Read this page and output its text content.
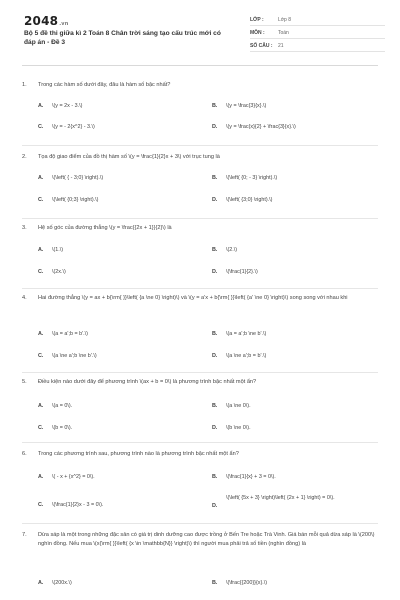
2048.vn
Bộ 5 đề thi giữa kì 2 Toán 8 Chân trời sáng tạo cấu trúc mới có đáp án - Đề 3
LỚP :	Lớp 8
MÔN :	Toán
SỐ CÂU :	21
1.	Trong các hàm số dưới đây, đâu là hàm số bậc nhất?
A.	\(y = 2x - 3.\)	B.	\(y = \frac{3}{x}.\)
C.	\(y = - 2{x^2} - 3.\)	D.	\(y = \frac{x}{2} + \frac{3}{x}.\)
2.	Tọa độ giao điểm của đồ thị hàm số \(y = \frac{1}{2}x + 3\) với trục tung là
A.	\(\left( { - 3;0} \right).\)	B.	\(\left( {0; - 3} \right).\)
C.	\(\left( {0;3} \right).\)	D.	\(\left( {3;0} \right).\)
3.	Hệ số góc của đường thẳng \(y = \frac{{2x + 1}}{2}\) là
A.	\(1.\)	B.	\(2.\)
C.	\(2x.\)	D.	\(\frac{1}{2}.\)
4.	Hai đường thẳng \(y = ax + b{\rm{ }}\left( {a \ne 0} \right)\) và \(y = a'x + b{\rm{ }}\left( {a' \ne 0} \right)\) song song với nhau khi
A.	\(a = a';b = b'.\)	B.	\(a = a';b \ne b'.\)
C.	\(a \ne a';b \ne b'.\)	D.	\(a \ne a';b = b'.\)
5.	Điều kiện nào dưới đây để phương trình \(ax + b = 0\) là phương trình bậc nhất một ẩn?
A.	\(a = 0\).	B.	\(a \ne 0\).
C.	\(b = 0\).	D.	\(b \ne 0\).
6.	Trong các phương trình sau, phương trình nào là phương trình bậc nhất một ẩn?
A.	\( - x + {x^2} = 0\).	B.	\(\frac{1}{x} + 3 = 0\).
C.	\(\frac{1}{2}x - 3 = 0\).	D.
\(\left( {5x + 3} \right)\left( {2x + 1} \right) = 0\).
7.	Dừa sáp là một trong những đặc sản có giá trị dinh dưỡng cao được trồng ở Bến Tre hoặc Trà Vinh. Giá bán mỗi quả dừa sáp là \(200\) nghìn đồng. Nếu mua \(x{\rm{ }}\left( {x \in \mathbb{N}} \right)\) thì người mua phải trả số tiền (nghìn đồng) là
A.	\(200x.\)	B.	\(\frac{{200}}{x}.\)
